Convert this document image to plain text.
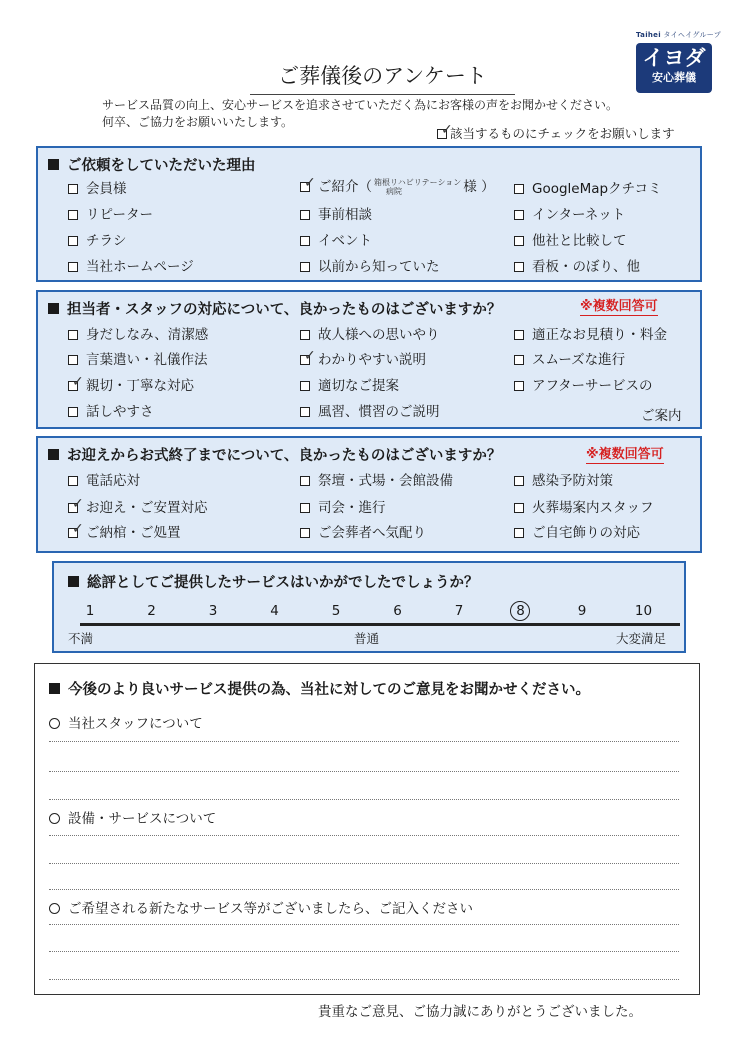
Taihei タイヘイグループ
イヨダ
安心葬儀
ご葬儀後のアンケート
サービス品質の向上、安心サービスを追求させていただく為にお客様の声をお聞かせください。
何卒、ご協力をお願いいたします。	✓
該当するものにチェックをお願いします
ご依頼をしていただいた理由
会員様
リピーター
チラシ
当社ホームページ
✓ ご紹介（ 箱根リハビリテーション
病院	様 ）
事前相談
イベント
以前から知っていた
GoogleMapクチコミ
インターネット
他社と比較して
看板・のぼり、他
担当者・スタッフの対応について、良かったものはございますか？	※複数回答可
ご案内
身だしなみ、清潔感
言葉遣い・礼儀作法
✓ 親切・丁寧な対応
話しやすさ
故人様への思いやり
✓ わかりやすい説明
適切なご提案
風習、慣習のご説明
適正なお見積り・料金
スムーズな進行
アフターサービスの
お迎えからお式終了までについて、良かったものはございますか？	※複数回答可
電話応対
✓ お迎え・ご安置対応
✓ ご納棺・ご処置
祭壇・式場・会館設備
司会・進行
ご会葬者へ気配り
感染予防対策
火葬場案内スタッフ
ご自宅飾りの対応
総評としてご提供したサービスはいかがでしたでしょうか？
不満	普通	大変満足
1	2	3	4	5	6	7	8	9	10
今後のより良いサービス提供の為、当社に対してのご意見をお聞かせください。
当社スタッフについて
設備・サービスについて
ご希望される新たなサービス等がございましたら、ご記入ください
貴重なご意見、ご協力誠にありがとうございました。
